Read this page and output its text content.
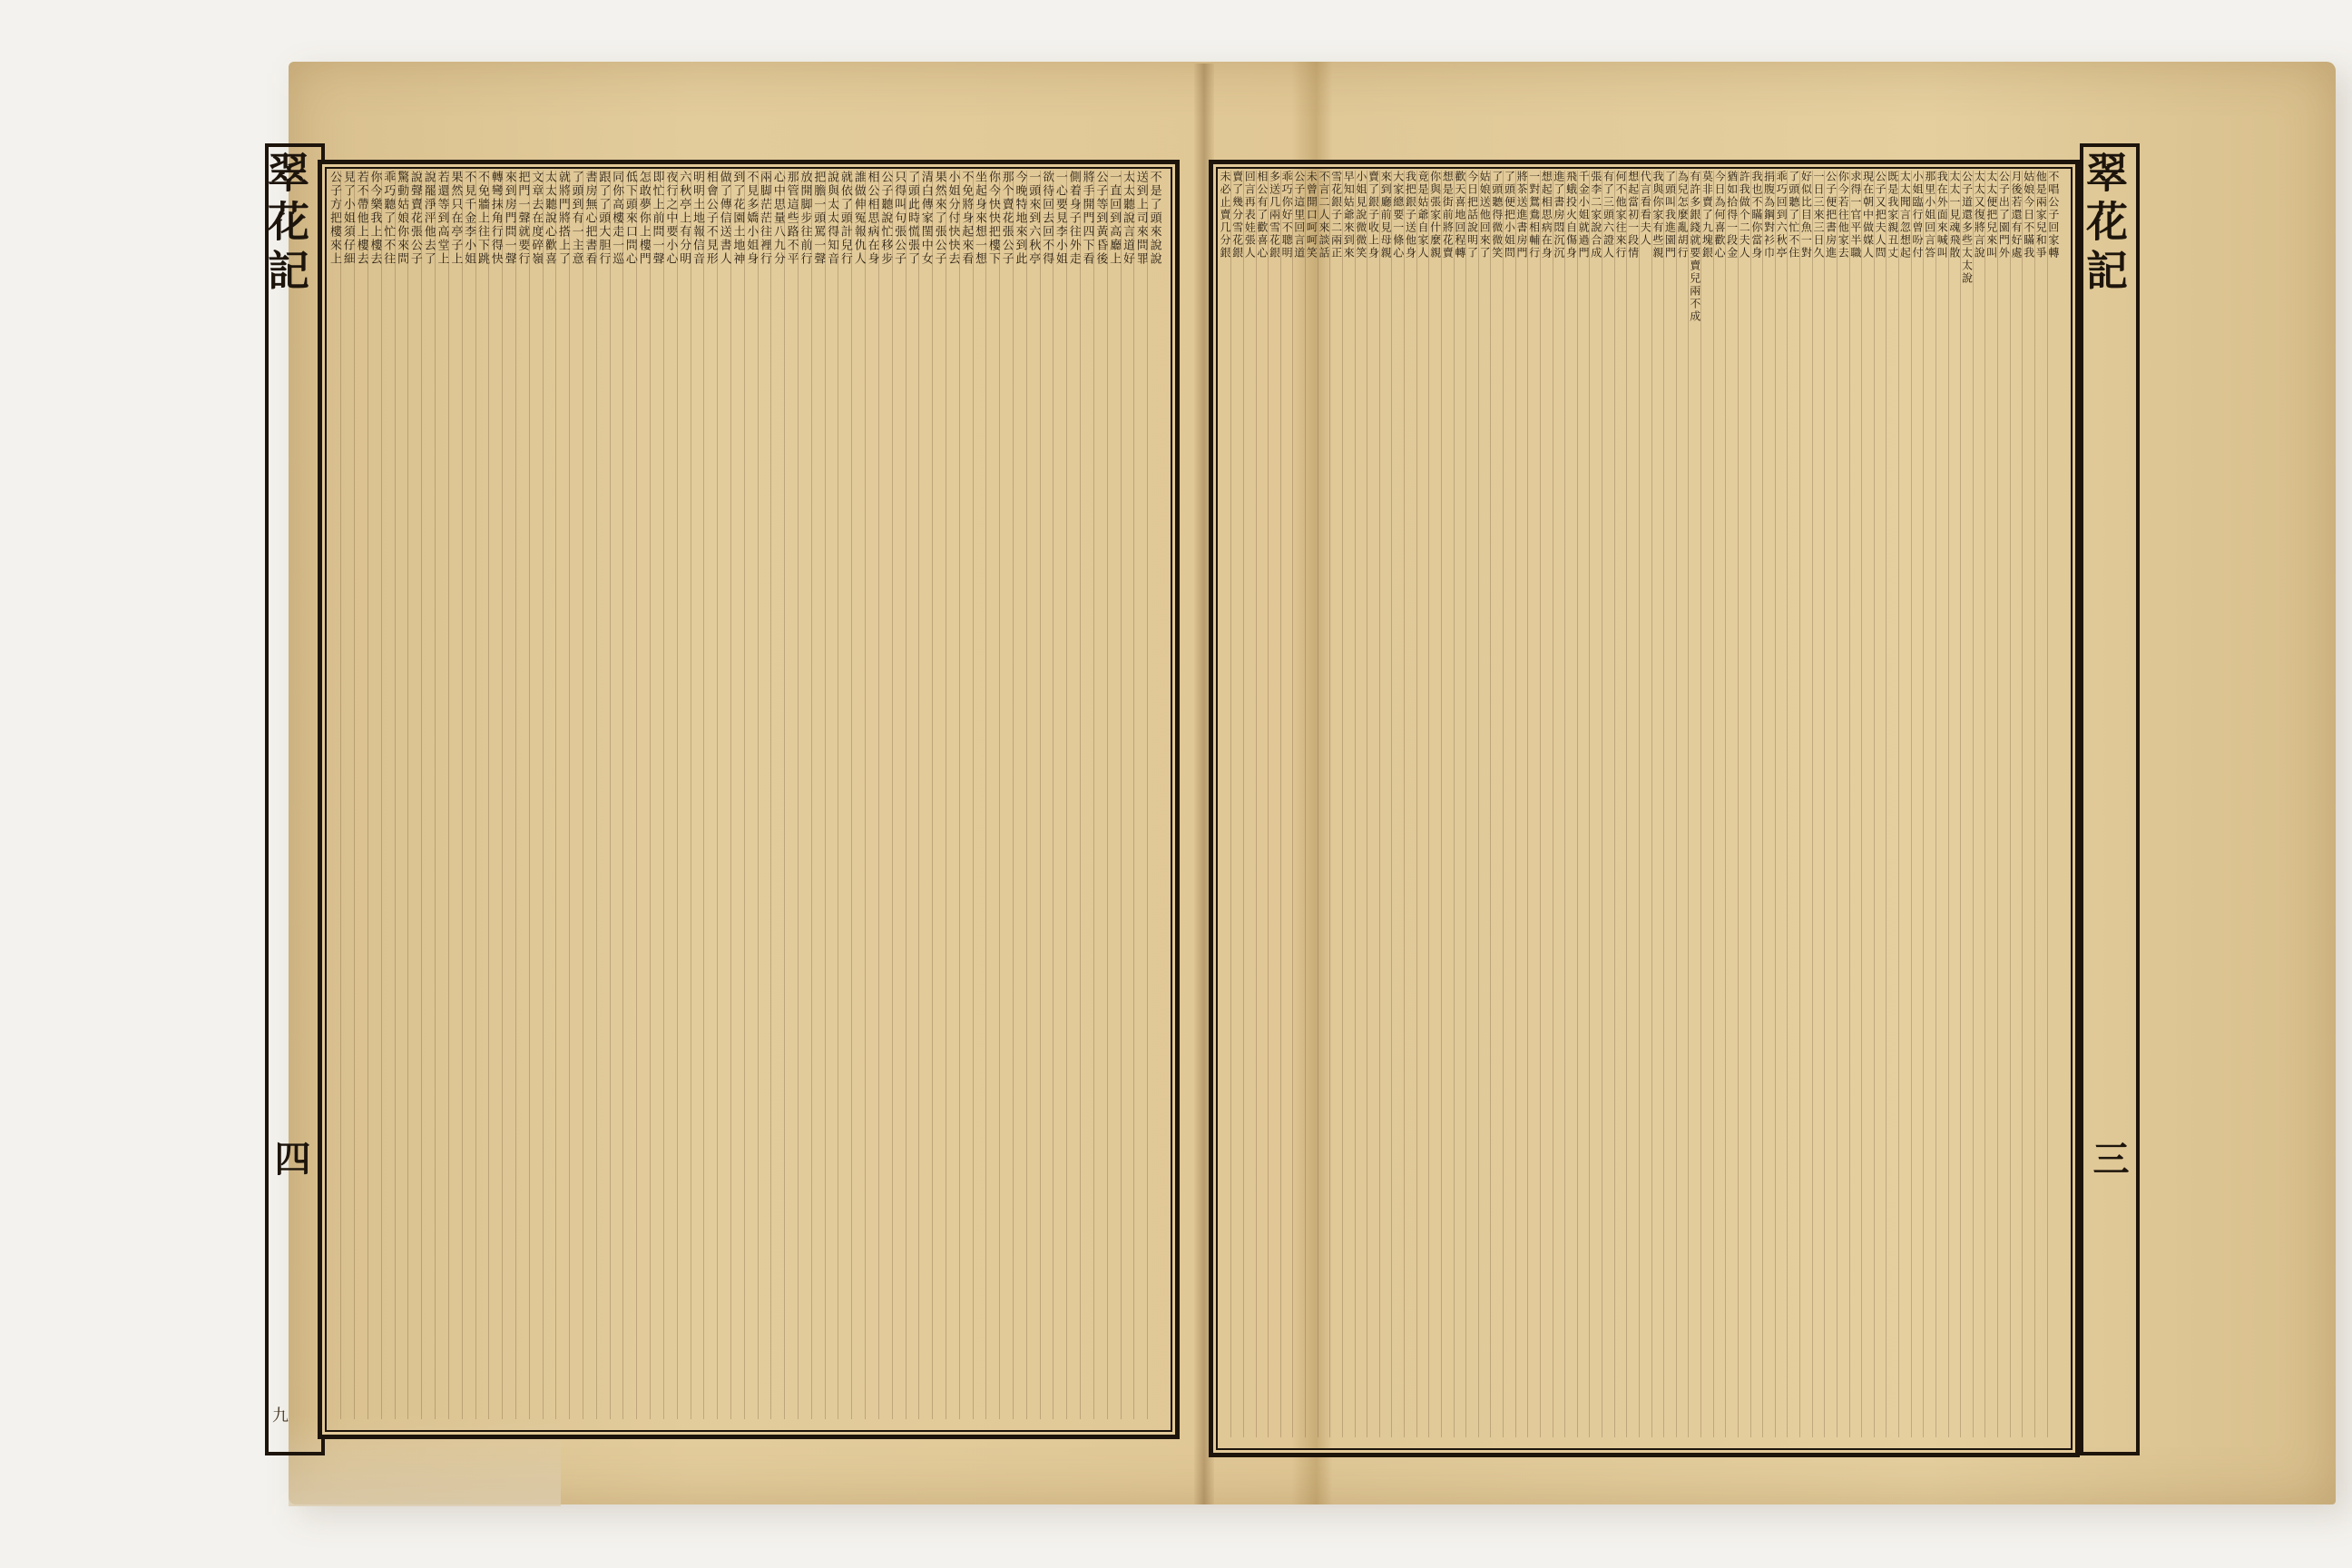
翠花記
四
九
不是了頭來說說
送到上司來問罪
太太聽說言道好
一直回到高廳上
公子等到黃昏後
將手開門四下看
側着身子往外走
一心要見李小姐
欲待回去回不得
一頭來到六秋亭
今晚特地來到此
那个賣花張公子
你今快快把樓下
坐起身來想一想
不免將身起來看
小姐分付快快去
果然來了張公子
清白傳家閨中女
了頭此時慌張了
只得叫句張公子
公子聽說忙移步
相公相思病在身
誰做伸冤報仇人
就依了頭計兒行
說與太太得知音
把膽一頭罵一聲
放開脚步往前行
那管這些路不平
心中思量八九分
兩脚茫茫往裡行
不見多嬌小姐身
到了花園土地神
做了傳信送書人
相會公子不見形
明明土地報信音
六秋亭上有分明
夜行之中要小心
即忙上前問一聲
怎敢夢你上樓門
低下頭來口問心
同你高樓走一巡
跟了了頭大胆行
書房無心把書看
了頭到有一主意
就將門將搭上了
太太聽說心歡喜
文章去在度碎嶺
把門一聲就要行
來到房門問一聲
轉彎抹角行得快
不免牆上往下跳
不見千金李小姐
果然只在亭子上
若還等到高堂上
說罷淨泙他去了
說聲賣花張公子
驚動姑娘你來問
乖巧聽了忙不往
你今樂我上樓去
若不帶他上樓去
見了小姐須仔細
公子方把樓來上	翠花記
三
不唱公子回家轉
他是兩家兒和爭
姑娘今日不瞞我
月後若還有好處
公子出了園門外
太太便把兒來叫
太太又復將言說
公子道還多些太太說
太太一見魂飛散
我在外面來喊叫
那里小姐回言答
小姐臨行曾吩付
太太聞言忽想起
既是我家親丑丈
公子又把夫人問
現在朝中做媒人
求得一官平半職
你今若往他家去
公子便把書房進
一日三來三日久
好似比目魚一對
了頭聽了忙不住
乖巧回到六秋亭
捐腹為鋼對衫巾
我也不瞞你當身
許我做个二夫人
猶如拾得一段金
今日為何喜歡心
莫非賣了九塊銀
有許多銀錢就要賣兒兩不成
為兒怎麼亂胡行
了頭叫我進園門
我與你家有些親
代言看看夫人
想起當初一段情
何不他家往來行
有了三頭六證人
張李二家說合成
千金小姐就過門
飛蛾投火自傷身
進了書房悶沉沉
想起相思病在身
一對鴛鴦相輔行
將茶送進書房門
了頭便把小姐問
了頭聽得微微笑
姑娘送他回來了
今日把話說明了
歡天喜地回程轉
想是街前將花賣
你與張家什麼親
竟是姑爺自家人
我把銀子送他身
大家總要一條心
來到廳前見母親
賣了銀子收上身
小姐見說微微笑
早知姑爺來到來
雪花銀子二兩正
不言二人來談話
未曾開口呵呵笑
公子這里回言道
乖巧你好不聰明
多送几兩雪花銀
相公有了歡喜心
回言再表娃張人
賣了幾分雪花銀
未必止賣几分銀
